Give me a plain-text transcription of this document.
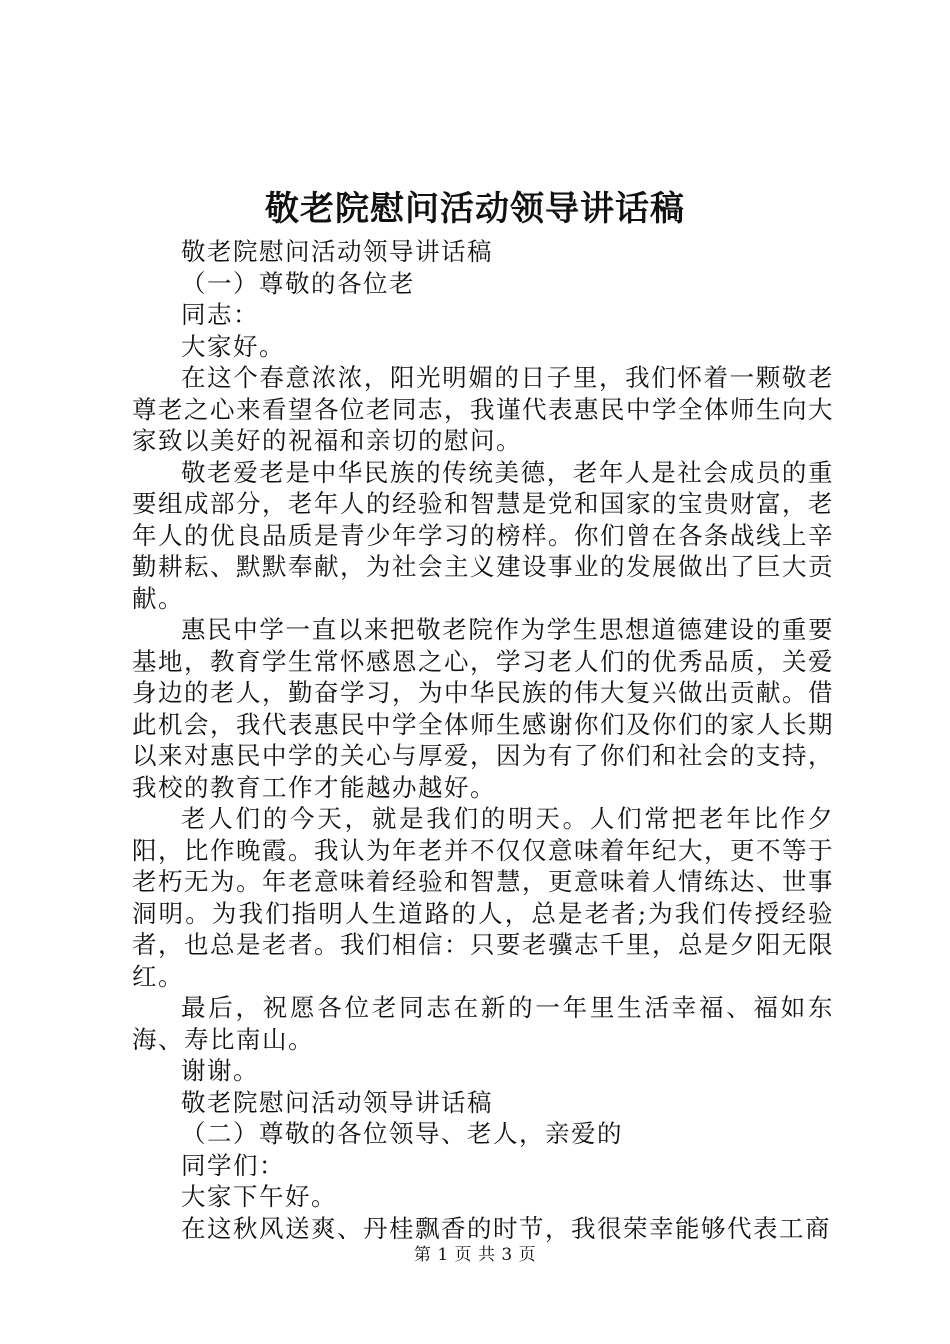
敬老院慰问活动领导讲话稿

敬老院慰问活动领导讲话稿

（一）尊敬的各位老

同志：

大家好。

在这个春意浓浓，阳光明媚的日子里，我们怀着一颗敬老尊老之心来看望各位老同志，我谨代表惠民中学全体师生向大家致以美好的祝福和亲切的慰问。

敬老爱老是中华民族的传统美德，老年人是社会成员的重要组成部分，老年人的经验和智慧是党和国家的宝贵财富，老年人的优良品质是青少年学习的榜样。你们曾在各条战线上辛勤耕耘、默默奉献，为社会主义建设事业的发展做出了巨大贡献。

惠民中学一直以来把敬老院作为学生思想道德建设的重要基地，教育学生常怀感恩之心，学习老人们的优秀品质，关爱身边的老人，勤奋学习，为中华民族的伟大复兴做出贡献。借此机会，我代表惠民中学全体师生感谢你们及你们的家人长期以来对惠民中学的关心与厚爱，因为有了你们和社会的支持，我校的教育工作才能越办越好。

老人们的今天，就是我们的明天。人们常把老年比作夕阳，比作晚霞。我认为年老并不仅仅意味着年纪大，更不等于老朽无为。年老意味着经验和智慧，更意味着人情练达、世事洞明。为我们指明人生道路的人，总是老者;为我们传授经验者，也总是老者。我们相信：只要老骥志千里，总是夕阳无限红。

最后，祝愿各位老同志在新的一年里生活幸福、福如东海、寿比南山。

谢谢。

敬老院慰问活动领导讲话稿

（二）尊敬的各位领导、老人，亲爱的

同学们：

大家下午好。

在这秋风送爽、丹桂飘香的时节，我很荣幸能够代表工商

第 1 页 共 3 页
